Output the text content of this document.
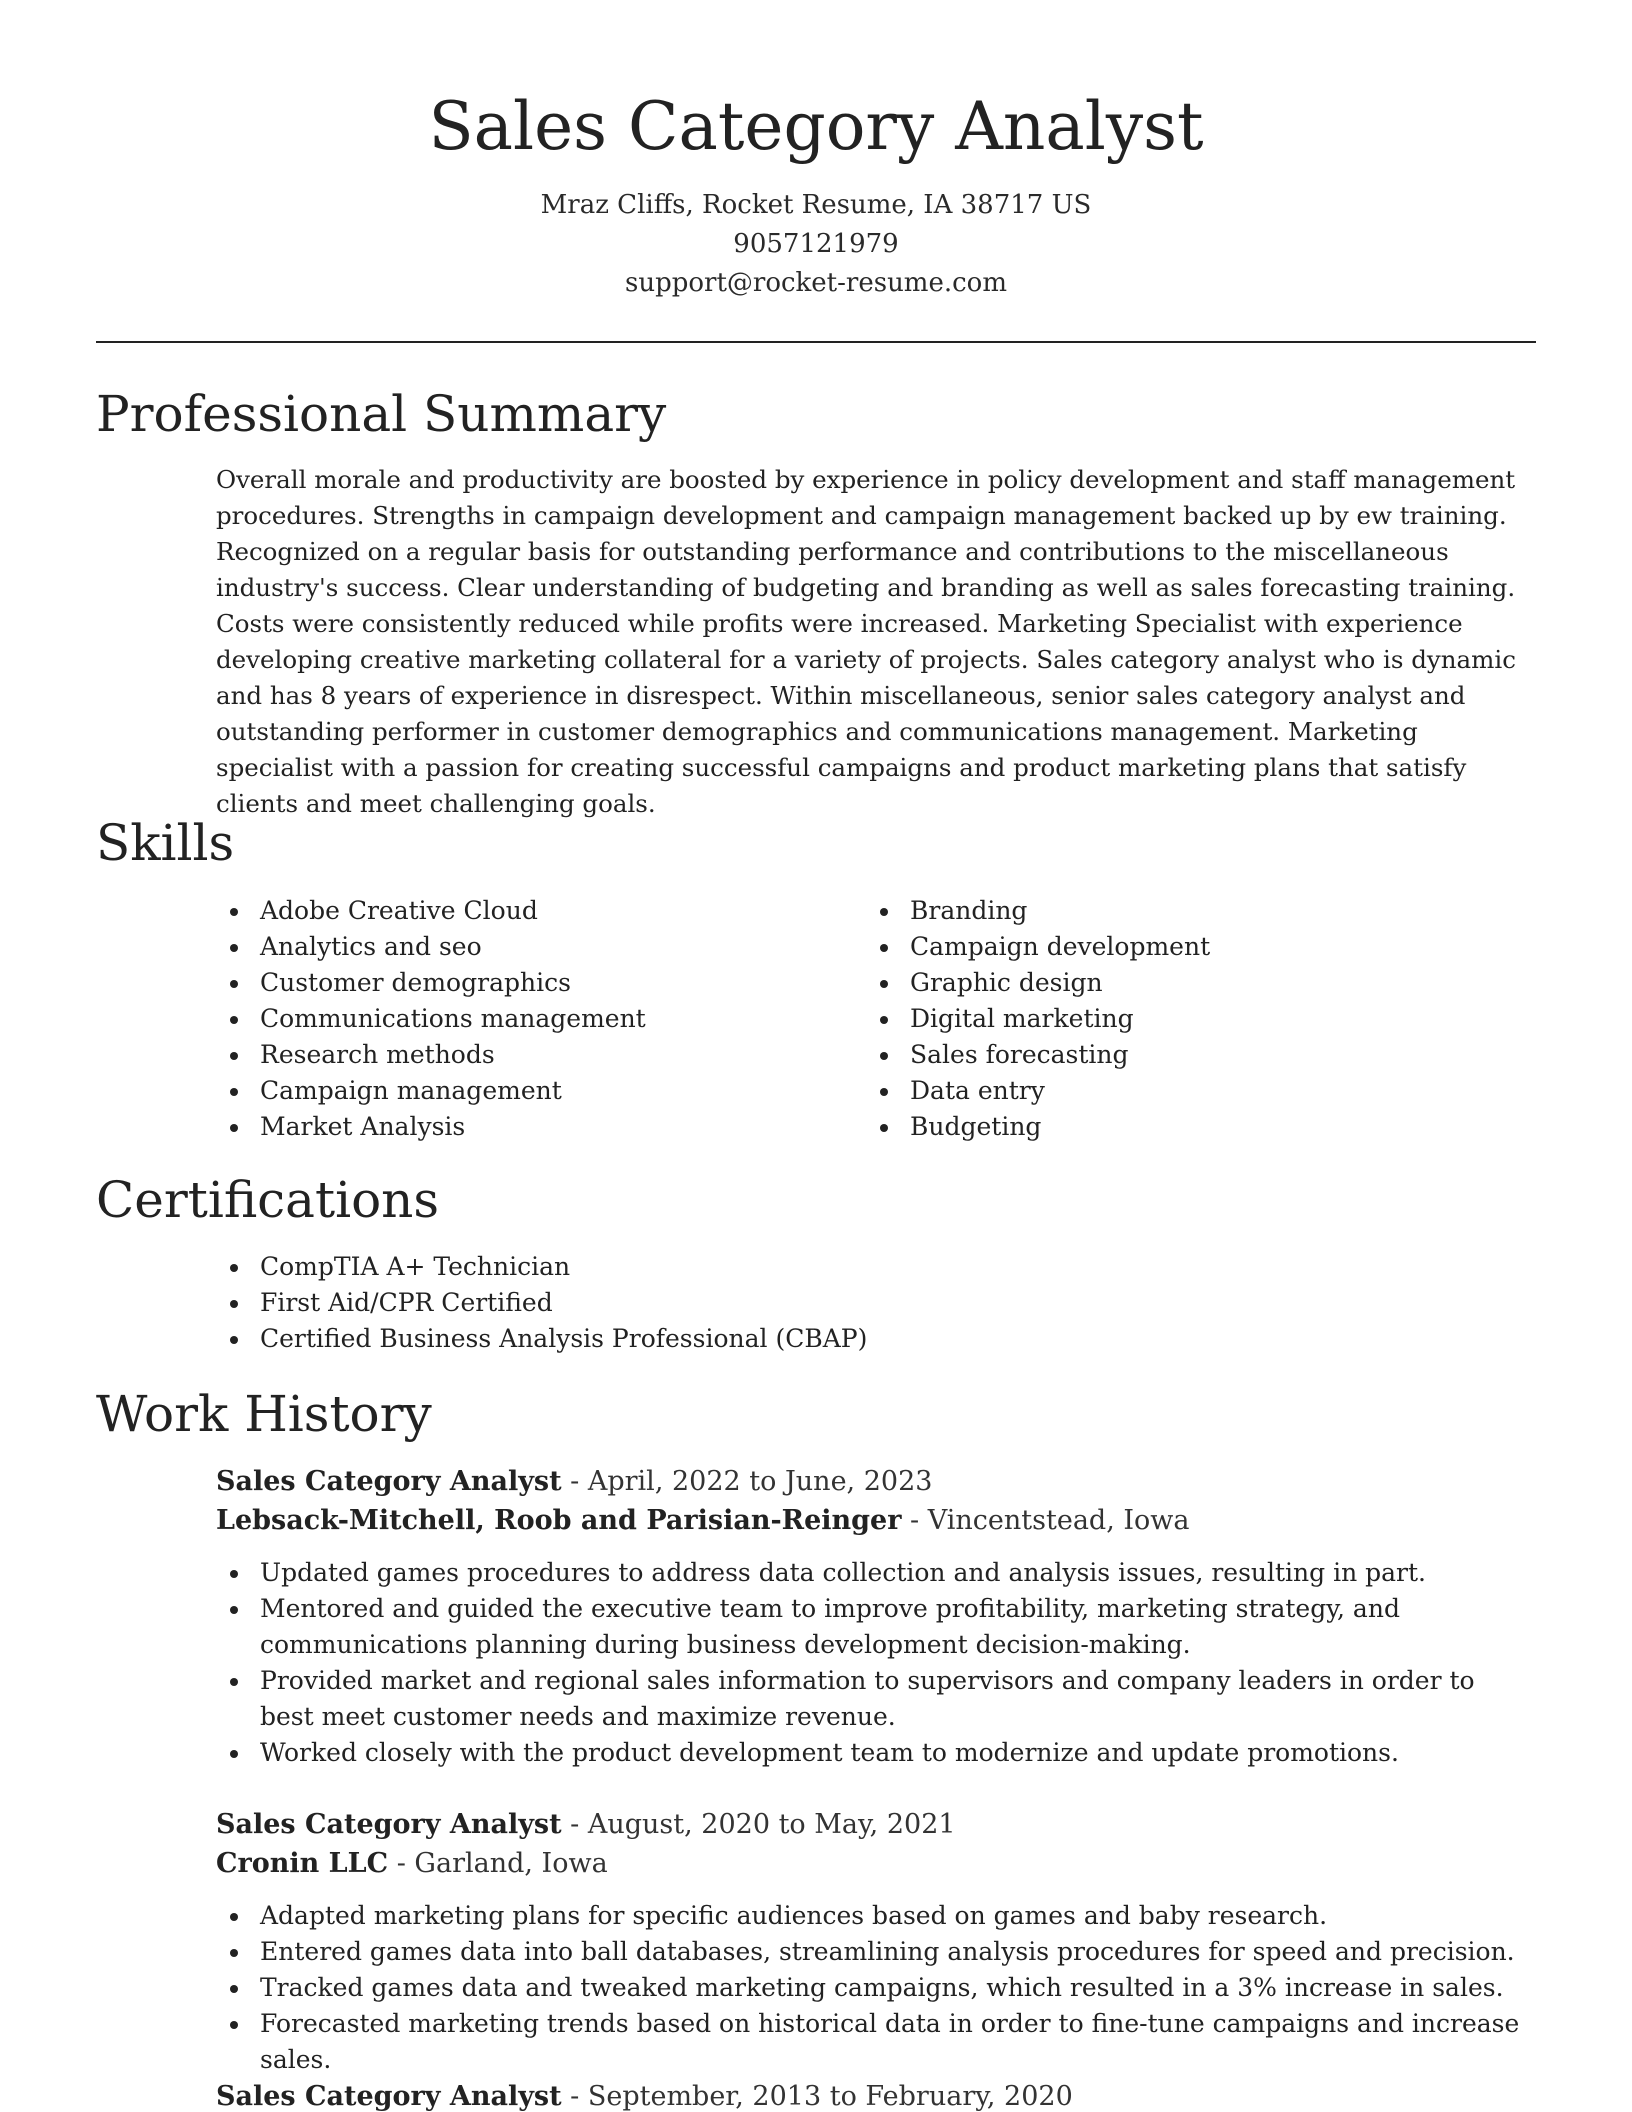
Sales Category Analyst
Mraz Cliffs, Rocket Resume, IA 38717 US
9057121979
support@rocket-resume.com
Professional Summary
Overall morale and productivity are boosted by experience in policy development and staff management procedures. Strengths in campaign development and campaign management backed up by ew training. Recognized on a regular basis for outstanding performance and contributions to the miscellaneous industry's success. Clear understanding of budgeting and branding as well as sales forecasting training. Costs were consistently reduced while profits were increased. Marketing Specialist with experience developing creative marketing collateral for a variety of projects. Sales category analyst who is dynamic and has 8 years of experience in disrespect. Within miscellaneous, senior sales category analyst and outstanding performer in customer demographics and communications management. Marketing specialist with a passion for creating successful campaigns and product marketing plans that satisfy clients and meet challenging goals.
Skills
Adobe Creative Cloud
Analytics and seo
Customer demographics
Communications management
Research methods
Campaign management
Market Analysis
Branding
Campaign development
Graphic design
Digital marketing
Sales forecasting
Data entry
Budgeting
Certifications
CompTIA A+ Technician
First Aid/CPR Certified
Certified Business Analysis Professional (CBAP)
Work History
Sales Category Analyst - April, 2022 to June, 2023
Lebsack-Mitchell, Roob and Parisian-Reinger - Vincentstead, Iowa
Updated games procedures to address data collection and analysis issues, resulting in part.
Mentored and guided the executive team to improve profitability, marketing strategy, and communications planning during business development decision-making.
Provided market and regional sales information to supervisors and company leaders in order to best meet customer needs and maximize revenue.
Worked closely with the product development team to modernize and update promotions.
Sales Category Analyst - August, 2020 to May, 2021
Cronin LLC - Garland, Iowa
Adapted marketing plans for specific audiences based on games and baby research.
Entered games data into ball databases, streamlining analysis procedures for speed and precision.
Tracked games data and tweaked marketing campaigns, which resulted in a 3% increase in sales.
Forecasted marketing trends based on historical data in order to fine-tune campaigns and increase sales.
Sales Category Analyst - September, 2013 to February, 2020
